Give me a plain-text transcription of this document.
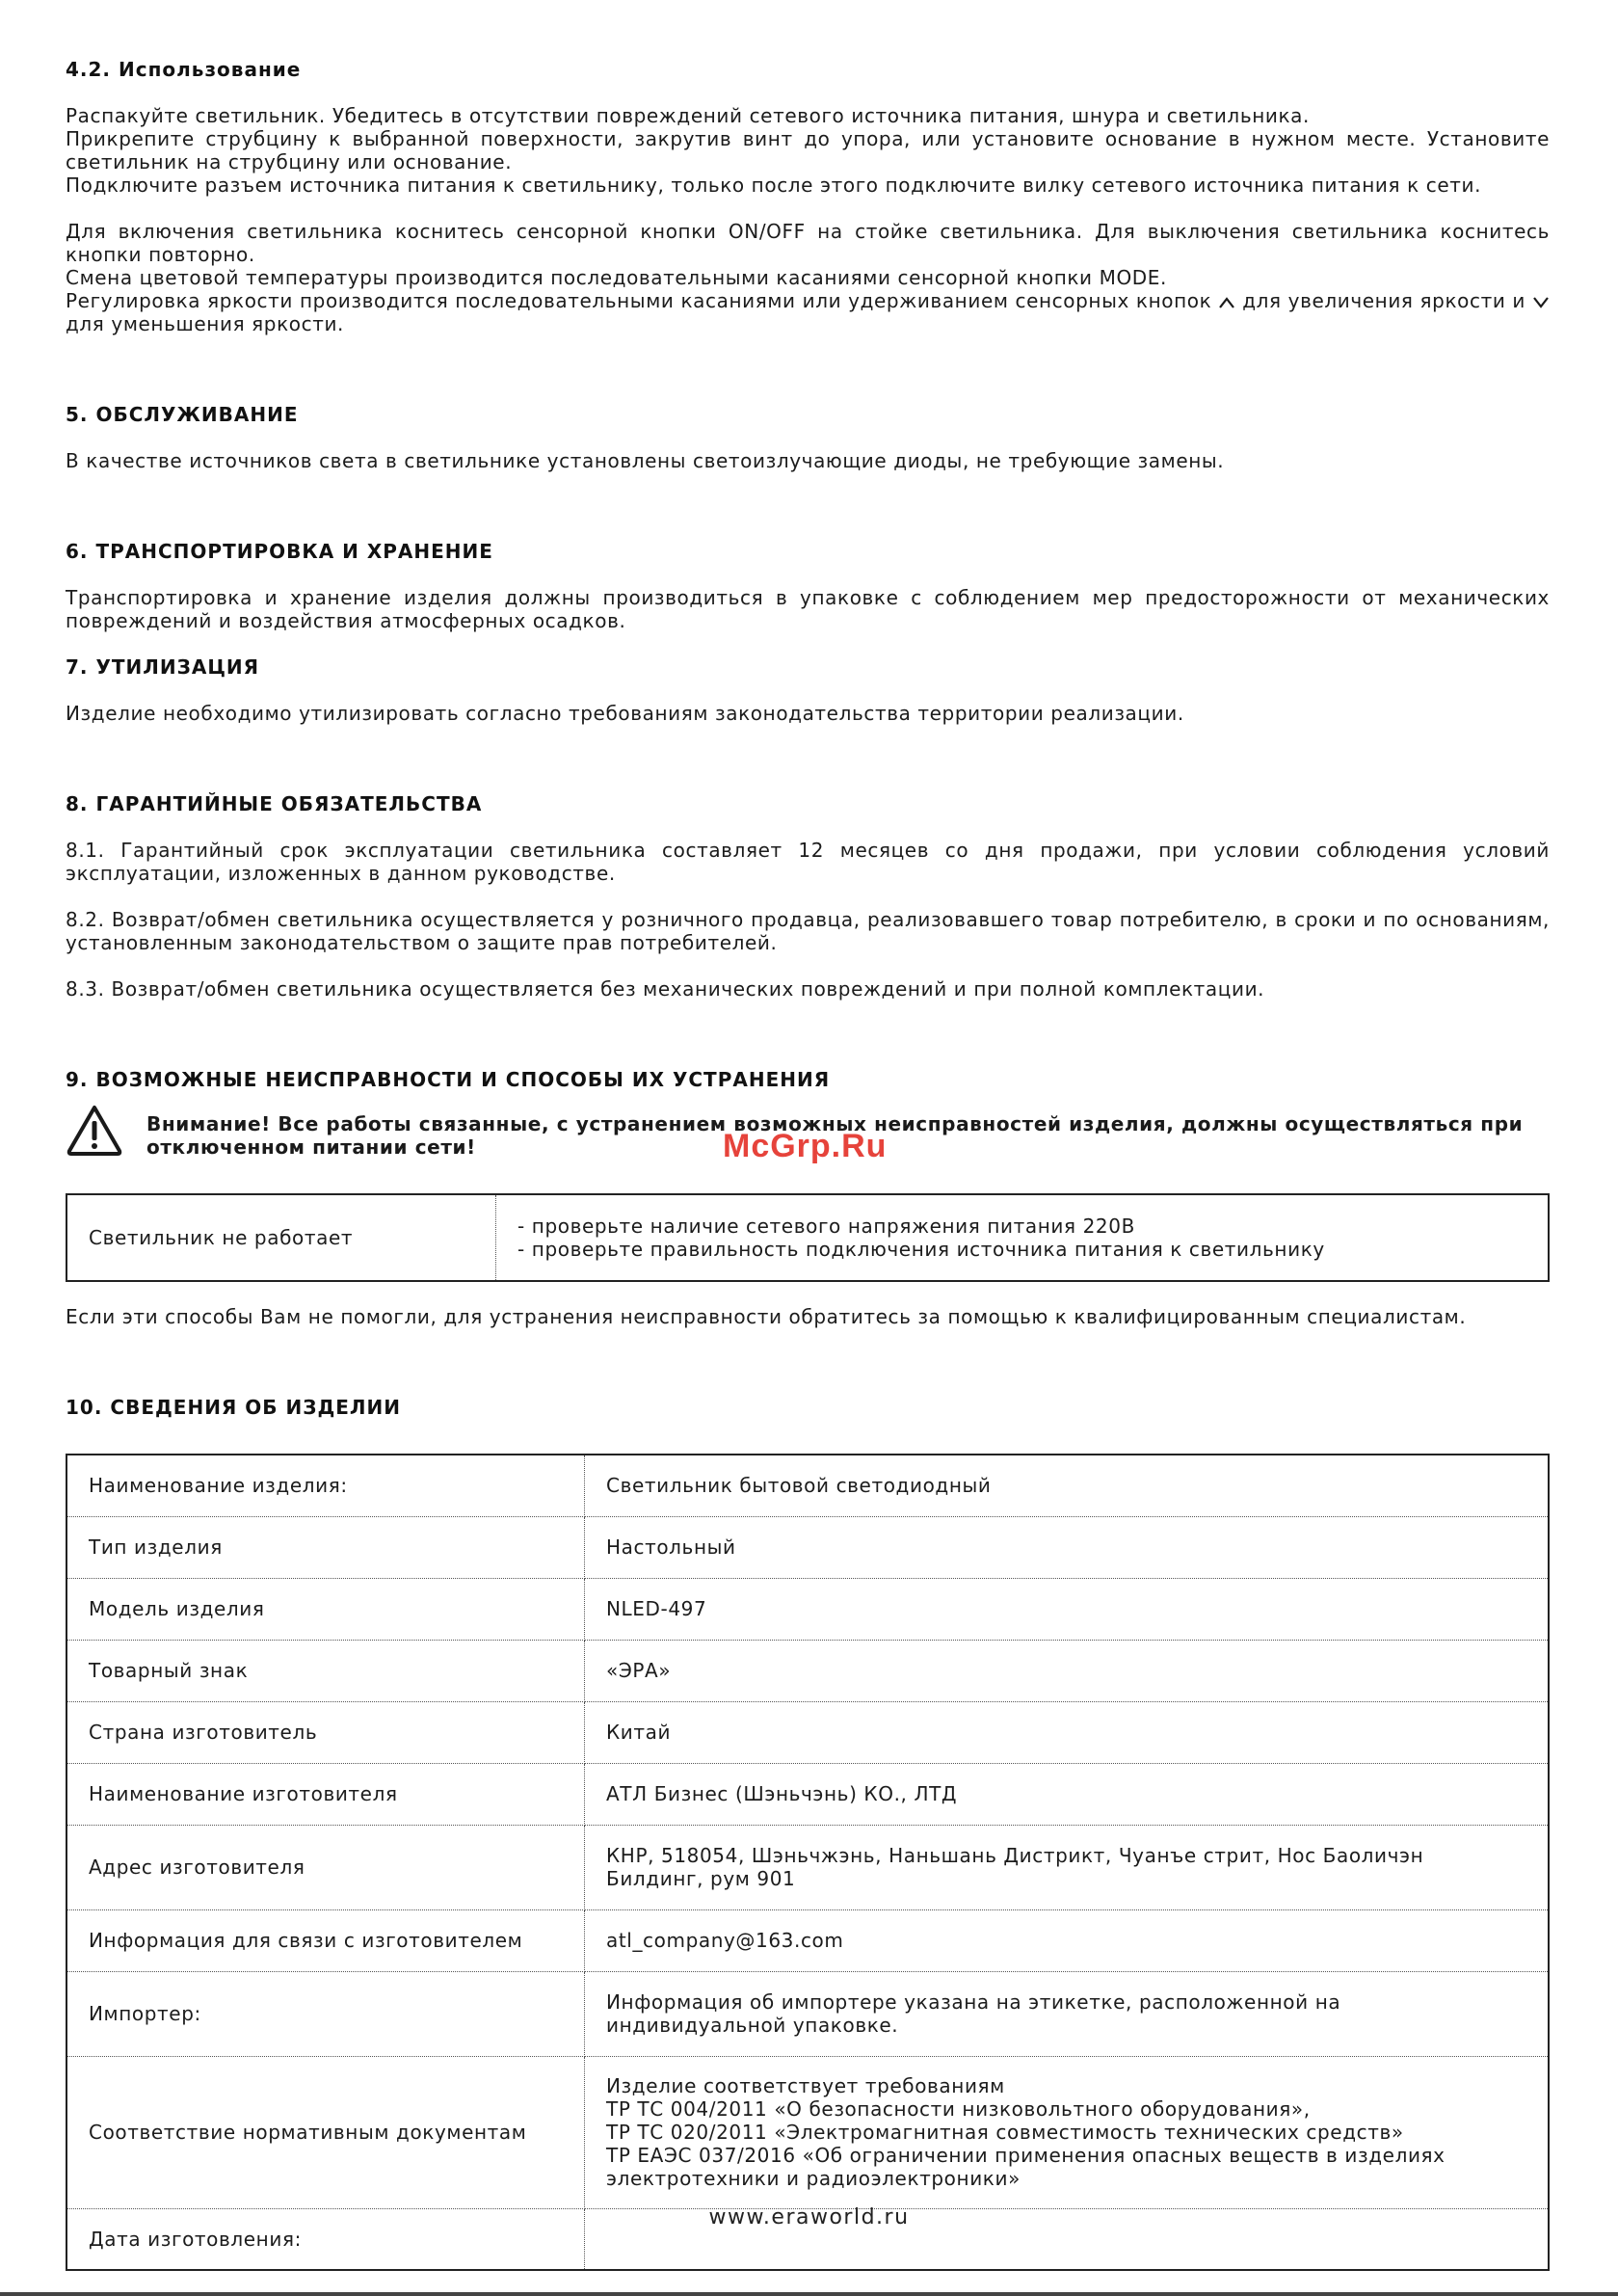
4.2. Использование

Распакуйте светильник. Убедитесь в отсутствии повреждений сетевого источника питания, шнура и светильника.

Прикрепите струбцину к выбранной поверхности, закрутив винт до упора, или установите основание в нужном месте. Установите светильник на струбцину или основание.

Подключите разъем источника питания к светильнику, только после этого подключите вилку сетевого источника питания к сети.

Для включения светильника коснитесь сенсорной кнопки ON/OFF на стойке светильника. Для выключения светильника коснитесь кнопки повторно.

Смена цветовой температуры производится последовательными касаниями сенсорной кнопки MODE.

Регулировка яркости производится последовательными касаниями или удерживанием сенсорных кнопок для увеличения яркости и  для уменьшения яркости.

5. ОБСЛУЖИВАНИЕ

В качестве источников света в светильнике установлены светоизлучающие диоды, не требующие замены.

6. ТРАНСПОРТИРОВКА И ХРАНЕНИЕ

Транспортировка и хранение изделия должны производиться в упаковке с соблюдением мер предосторожности от механических повреждений и воздействия атмосферных осадков.

7. УТИЛИЗАЦИЯ

Изделие необходимо утилизировать согласно требованиям законодательства территории реализации.

8. ГАРАНТИЙНЫЕ ОБЯЗАТЕЛЬСТВА

8.1. Гарантийный срок эксплуатации светильника составляет 12 месяцев со дня продажи, при условии соблюдения условий эксплуатации, изложенных в данном руководстве.

8.2. Возврат/обмен светильника осуществляется у розничного продавца, реализовавшего товар потребителю, в сроки и по основаниям, установленным законодательством о защите прав потребителей.

8.3. Возврат/обмен светильника осуществляется без механических повреждений и при полной комплектации.

9. ВОЗМОЖНЫЕ НЕИСПРАВНОСТИ И СПОСОБЫ ИХ УСТРАНЕНИЯ

Внимание! Все работы связанные, с устранением возможных неисправностей изделия, должны осуществляться при отключенном питании сети!
Светильник не работает	- проверьте наличие сетевого напряжения питания 220В
- проверьте правильность подключения источника питания к светильнику

Если эти способы Вам не помогли, для устранения неисправности обратитесь за помощью к квалифицированным специалистам.

10. СВЕДЕНИЯ ОБ ИЗДЕЛИИ

Наименование изделия:	Светильник бытовой светодиодный
Тип изделия	Настольный
Модель изделия	NLED-497
Товарный знак	«ЭРА»
Страна изготовитель	Китай
Наименование изготовителя	АТЛ Бизнес (Шэньчэнь) КО., ЛТД
Адрес изготовителя	КНР, 518054, Шэньчжэнь, Наньшань Дистрикт, Чуанъе стрит, Нос Баоличэн Билдинг, рум 901
Информация для связи с изготовителем	atl_company@163.com
Импортер:	Информация об импортере указана на этикетке, расположенной на индивидуальной упаковке.
Соответствие нормативным документам	Изделие соответствует требованиям
ТР ТС 004/2011 «О безопасности низковольтного оборудования»,
ТР ТС 020/2011 «Электромагнитная совместимость технических средств»
ТР ЕАЭС 037/2016 «Об ограничении применения опасных веществ в изделиях электротехники и радиоэлектроники»

Дата изготовления:	
McGrp.Ru
www.eraworld.ru
